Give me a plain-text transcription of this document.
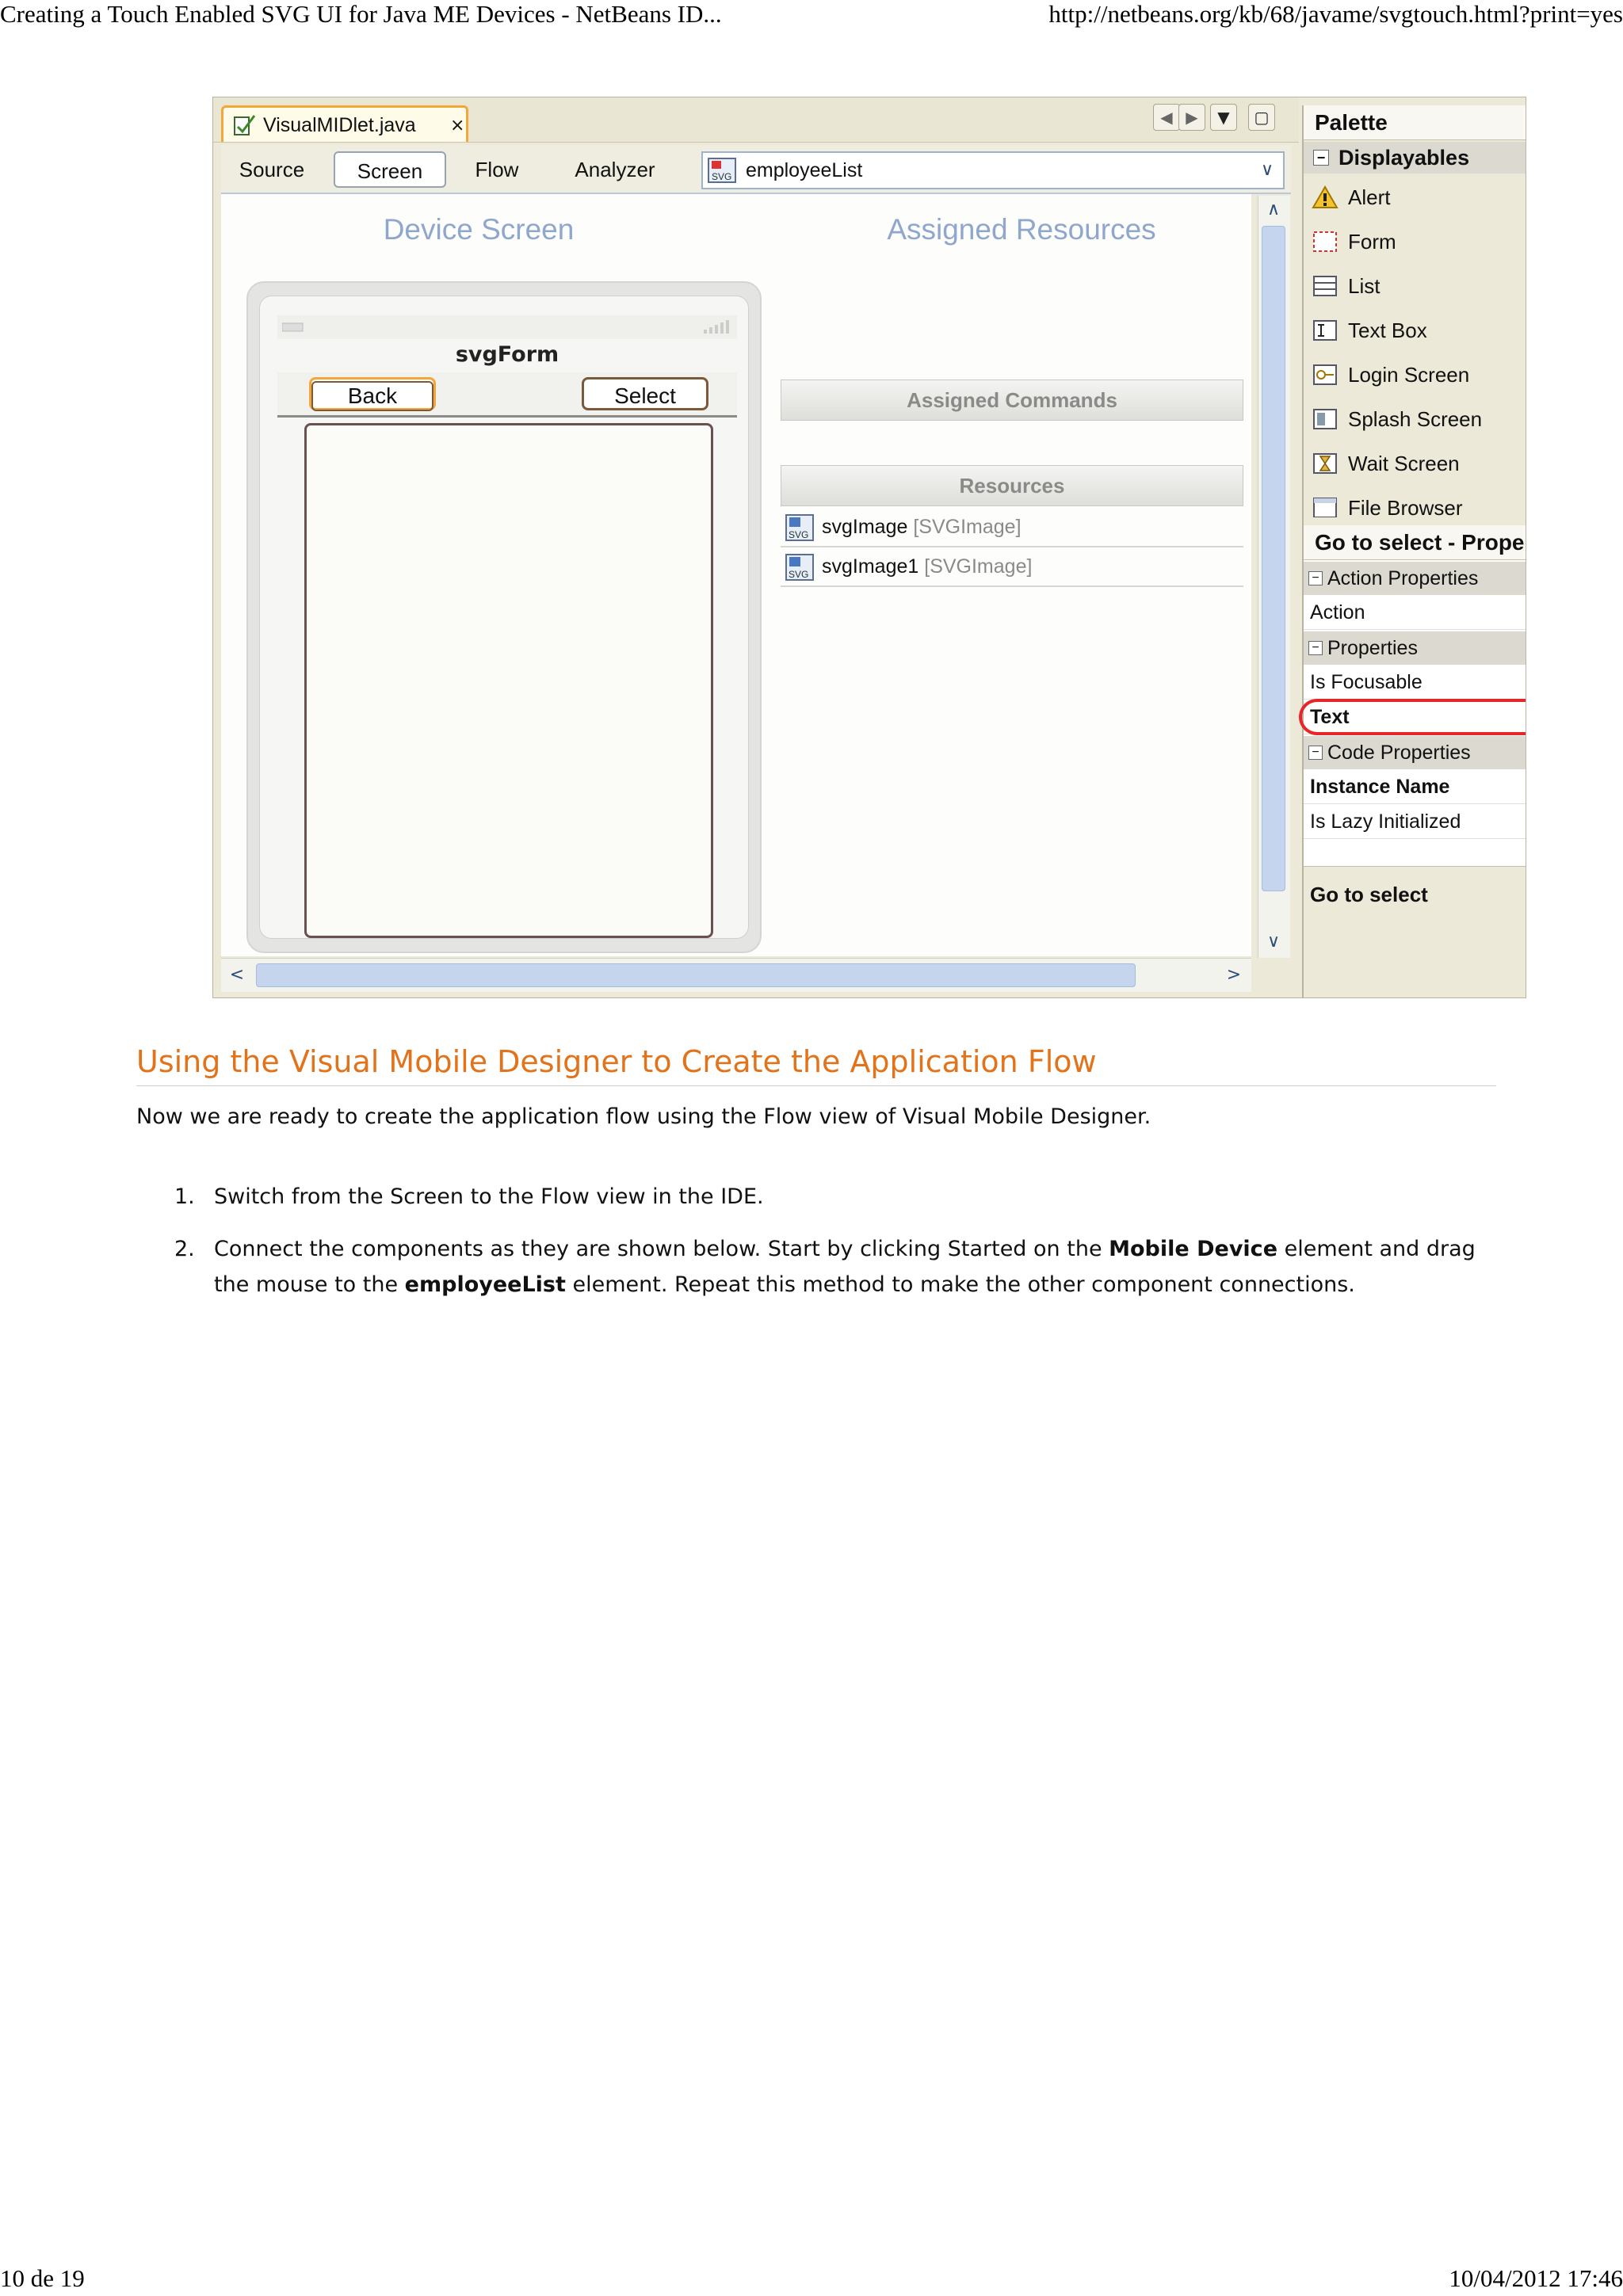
Creating a Touch Enabled SVG UI for Java ME Devices - NetBeans ID...	http://netbeans.org/kb/68/javame/svgtouch.html?print=yes
VisualMIDlet.java ×	◀ ▶	▼	▢
Source	Screen	Flow	Analyzer	SVG employeeList	∨
Device Screen	Assigned Resources
svgForm
Back	Select	Assigned Commands
Resources
SVG svgImage [SVGImage]
SVG svgImage1 [SVGImage]
∧
∨
<	>
Palette
− Displayables
Alert
Form
List
Text Box
Login Screen
Splash Screen
Wait Screen
File Browser
Go to select - Prope
− Action Properties
Action
− Properties
Is Focusable
Text
− Code Properties
Instance Name
Is Lazy Initialized
Go to select
Using the Visual Mobile Designer to Create the Application Flow
Now we are ready to create the application flow using the Flow view of Visual Mobile Designer.
1. Switch from the Screen to the Flow view in the IDE.
2. Connect the components as they are shown below. Start by clicking Started on the Mobile Device element and drag the mouse to the employeeList element. Repeat this method to make the other component connections.
10 de 19	10/04/2012 17:46
